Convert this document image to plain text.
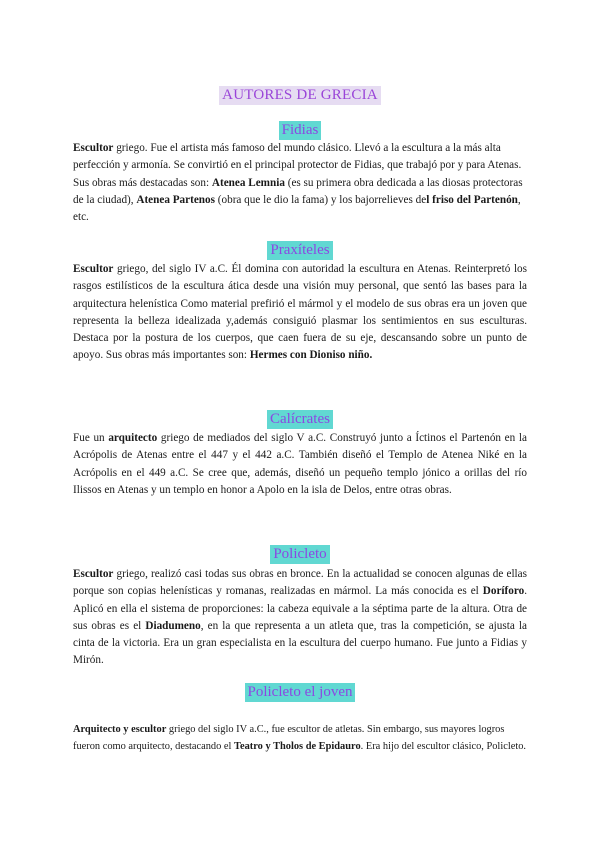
AUTORES DE GRECIA
Fidias
Escultor griego. Fue el artista más famoso del mundo clásico. Llevó a la escultura a la más alta perfección y armonía. Se convirtió en el principal protector de Fidias, que trabajó por y para Atenas. Sus obras más destacadas son: Atenea Lemnia (es su primera obra dedicada a las diosas protectoras de la ciudad), Atenea Partenos (obra que le dio la fama) y los bajorrelieves del friso del Partenón, etc.
Praxíteles
Escultor griego, del siglo IV a.C. Él domina con autoridad la escultura en Atenas. Reinterpretó los rasgos estilísticos de la escultura ática desde una visión muy personal, que sentó las bases para la arquitectura helenística Como material prefirió el mármol y el modelo de sus obras era un joven que representa la belleza idealizada y,además consiguió plasmar los sentimientos en sus esculturas. Destaca por la postura de los cuerpos, que caen fuera de su eje, descansando sobre un punto de apoyo. Sus obras más importantes son: Hermes con Dioniso niño.
Calícrates
Fue un arquitecto griego de mediados del siglo V a.C. Construyó junto a Íctinos el Partenón en la Acrópolis de Atenas entre el 447 y el 442 a.C. También diseñó el Templo de Atenea Niké en la Acrópolis en el 449 a.C. Se cree que, además, diseñó un pequeño templo jónico a orillas del río Ilissos en Atenas y un templo en honor a Apolo en la isla de Delos, entre otras obras.
Policleto
Escultor griego, realizó casi todas sus obras en bronce. En la actualidad se conocen algunas de ellas porque son copias helenísticas y romanas, realizadas en mármol. La más conocida es el Doríforo. Aplicó en ella el sistema de proporciones: la cabeza equivale a la séptima parte de la altura. Otra de sus obras es el Diadumeno, en la que representa a un atleta que, tras la competición, se ajusta la cinta de la victoria. Era un gran especialista en la escultura del cuerpo humano. Fue junto a Fidias y Mirón.
Policleto el joven
Arquitecto y escultor griego del siglo IV a.C., fue escultor de atletas. Sin embargo, sus mayores logros fueron como arquitecto, destacando el Teatro y Tholos de Epidauro. Era hijo del escultor clásico, Policleto.
